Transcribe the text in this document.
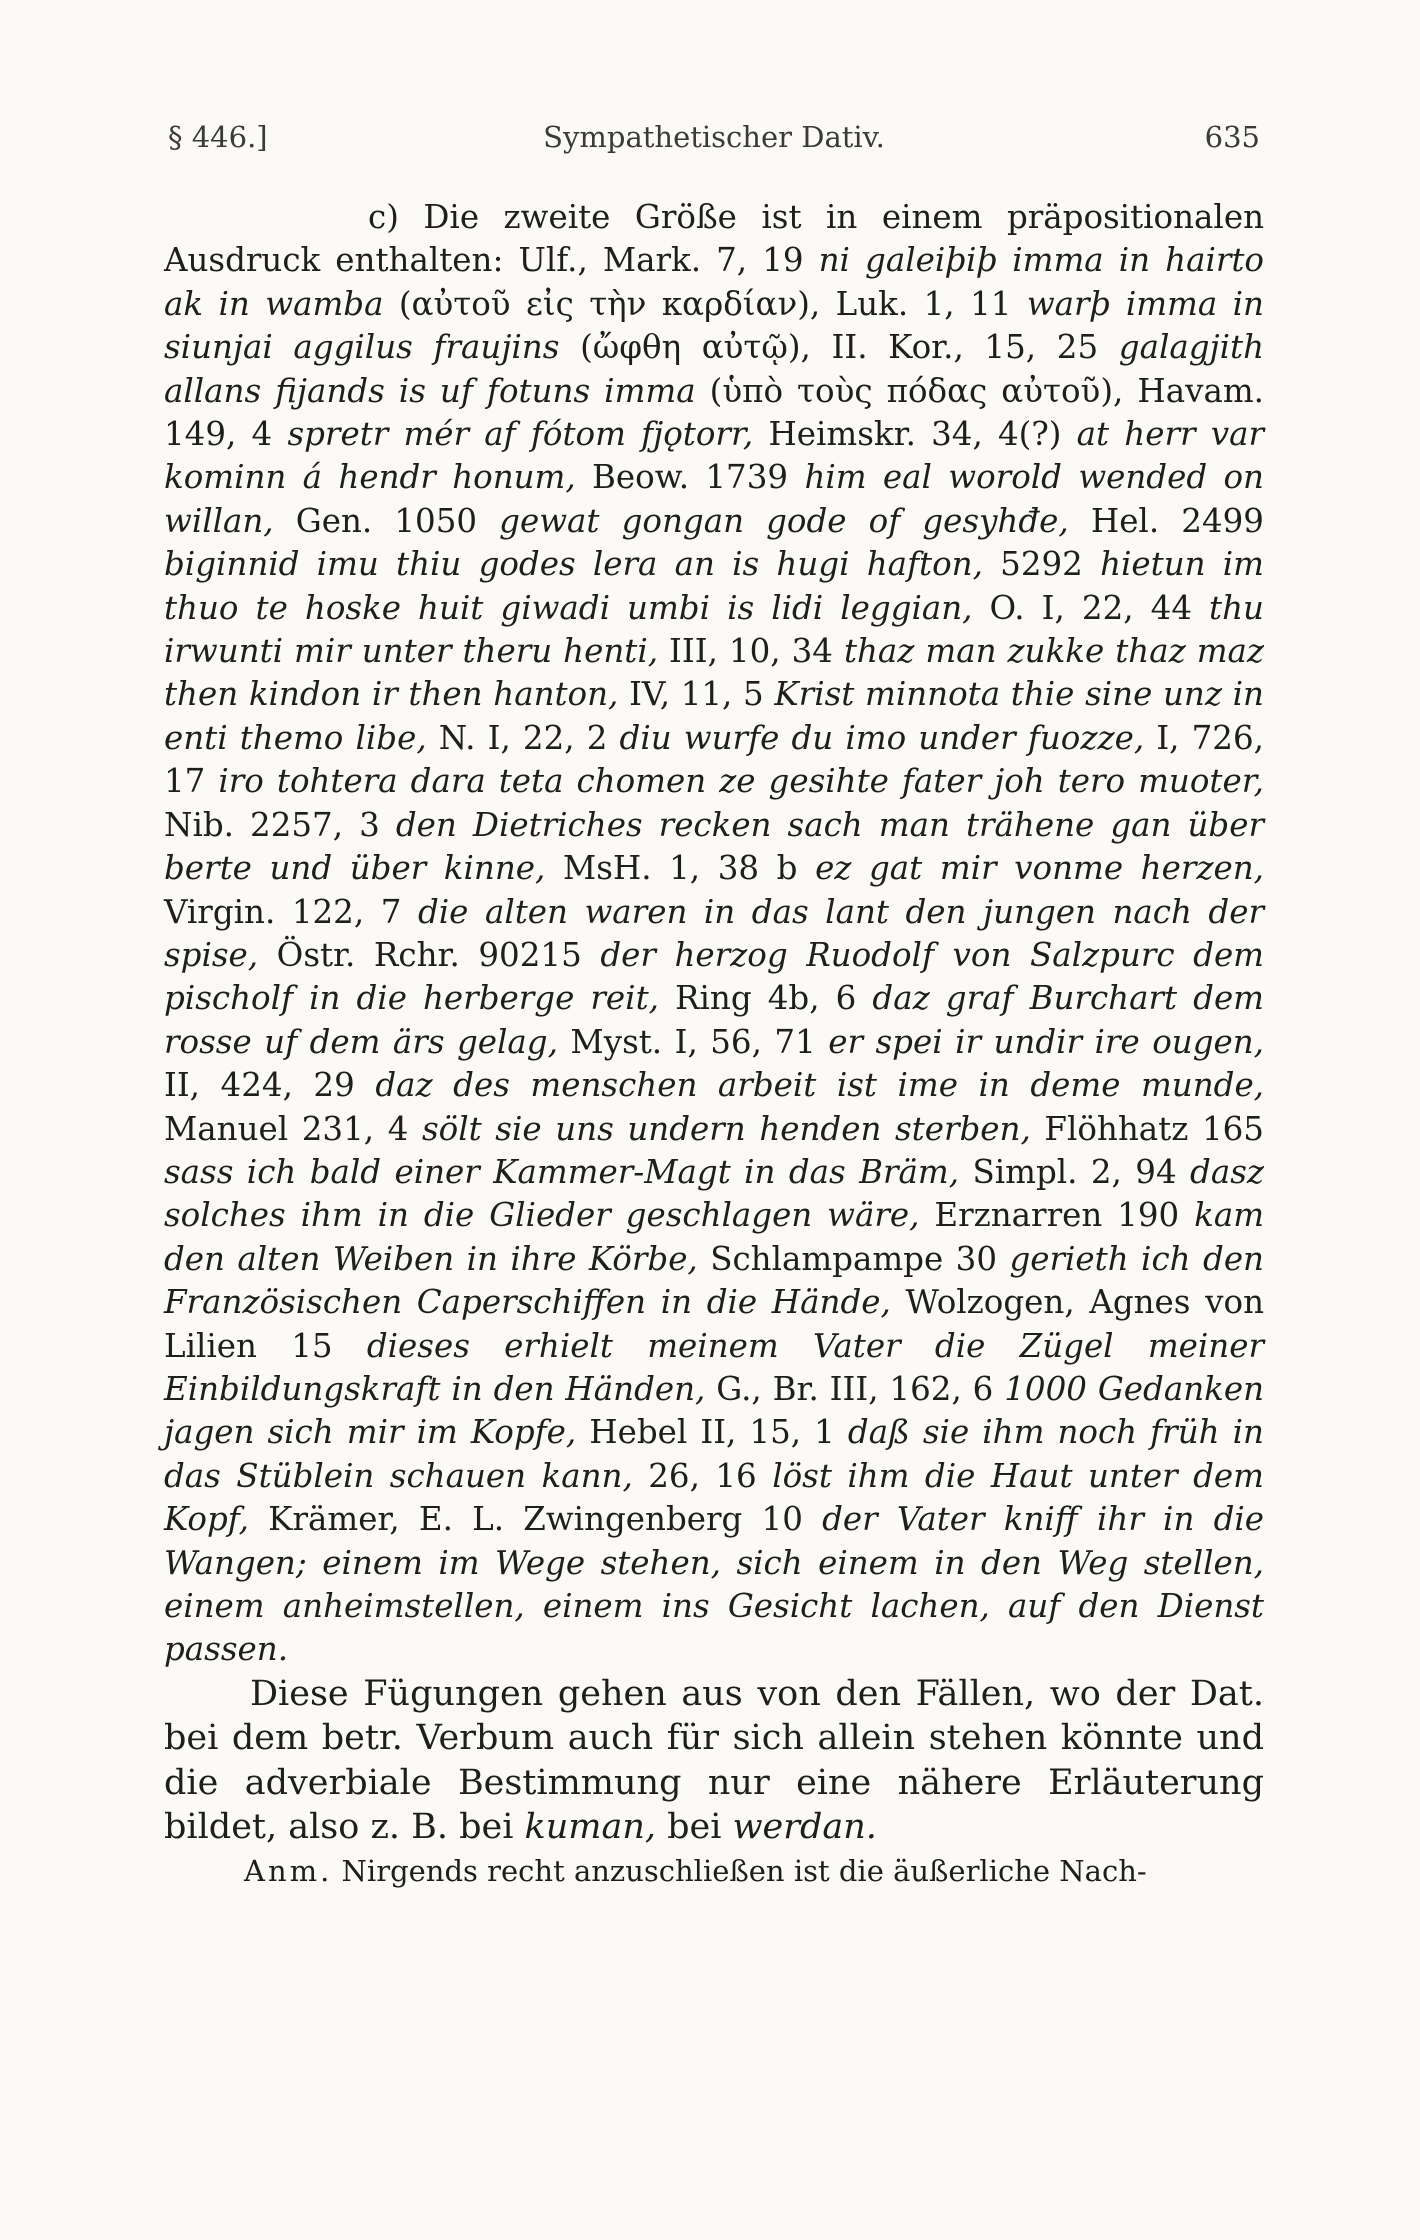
§ 446.]	Sympathetischer Dativ.	635

c) Die zweite Größe ist in einem präpositionalen Ausdruck enthalten: Ulf., Mark. 7, 19 ni galeiþiþ imma in hairto ak in wamba (αὐτοῦ εἰς τὴν καρδίαν), Luk. 1, 11 warþ imma in siunjai aggilus fraujins (ὤφθη αὐτῷ), II. Kor., 15, 25 galagjith allans fijands is uf fotuns imma (ὑπὸ τοὺς πόδας αὐτοῦ), Havam. 149, 4 spretr mér af fótom fjǫtorr, Heimskr. 34, 4(?) at herr var kominn á hendr honum, Beow. 1739 him eal worold wended on willan, Gen. 1050 gewat gongan gode of gesyhđe, Hel. 2499 biginnid imu thiu godes lera an is hugi hafton, 5292 hietun im thuo te hoske huit giwadi umbi is lidi leggian, O. I, 22, 44 thu irwunti mir unter theru henti, III, 10, 34 thaz man zukke thaz maz then kindon ir then hanton, IV, 11, 5 Krist minnota thie sine unz in enti themo libe, N. I, 22, 2 diu wurfe du imo under fuozze, I, 726, 17 iro tohtera dara teta chomen ze gesihte fater joh tero muoter, Nib. 2257, 3 den Dietriches recken sach man trähene gan über berte und über kinne, MsH. 1, 38 b ez gat mir vonme herzen, Virgin. 122, 7 die alten waren in das lant den jungen nach der spise, Östr. Rchr. 90215 der herzog Ruodolf von Salzpurc dem pischolf in die herberge reit, Ring 4b, 6 daz graf Burchart dem rosse uf dem ärs gelag, Myst. I, 56, 71 er spei ir undir ire ougen, II, 424, 29 daz des menschen arbeit ist ime in deme munde, Manuel 231, 4 sölt sie uns undern henden sterben, Flöhhatz 165 sass ich bald einer Kammer-Magt in das Bräm, Simpl. 2, 94 dasz solches ihm in die Glieder geschlagen wäre, Erznarren 190 kam den alten Weiben in ihre Körbe, Schlampampe 30 gerieth ich den Französischen Caperschiffen in die Hände, Wolzogen, Agnes von Lilien 15 dieses erhielt meinem Vater die Zügel meiner Einbildungskraft in den Händen, G., Br. III, 162, 6 1000 Gedanken jagen sich mir im Kopfe, Hebel II, 15, 1 daß sie ihm noch früh in das Stüblein schauen kann, 26, 16 löst ihm die Haut unter dem Kopf, Krämer, E. L. Zwingenberg 10 der Vater kniff ihr in die Wangen; einem im Wege stehen, sich einem in den Weg stellen, einem anheimstellen, einem ins Gesicht lachen, auf den Dienst passen.

Diese Fügungen gehen aus von den Fällen, wo der Dat. bei dem betr. Verbum auch für sich allein stehen könnte und die adverbiale Bestimmung nur eine nähere Erläuterung bildet, also z. B. bei kuman, bei werdan.

Anm. Nirgends recht anzuschließen ist die äußerliche Nach-
